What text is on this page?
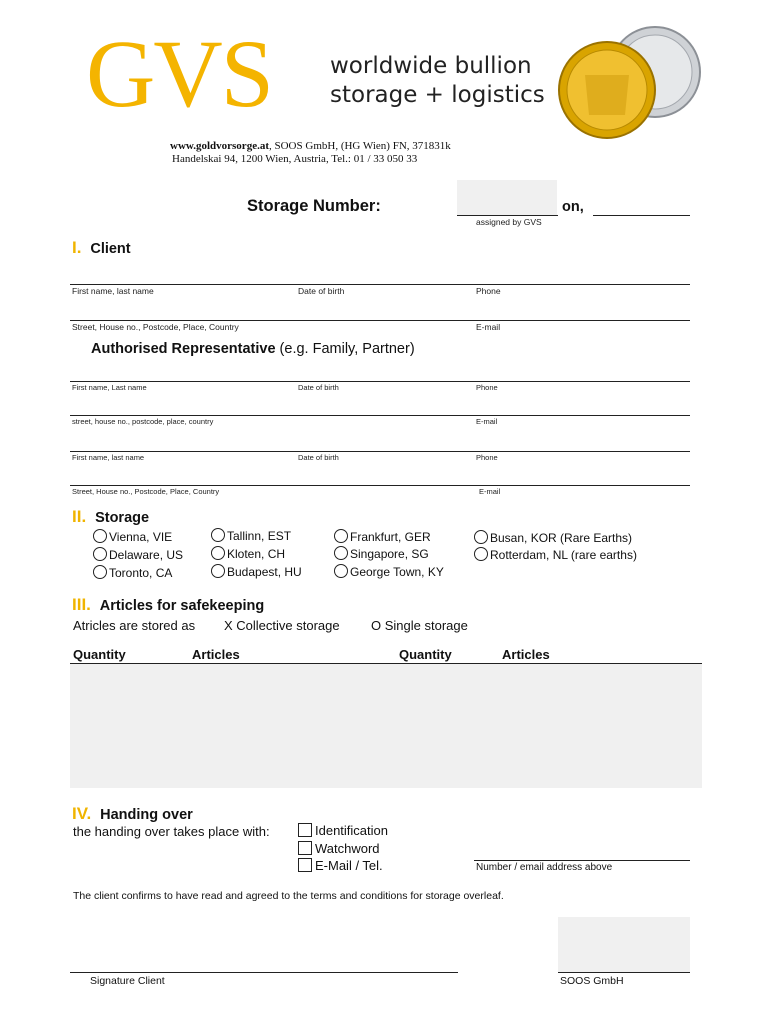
GVS	worldwide bullion
storage + logistics
www.goldvorsorge.at, SOOS GmbH, (HG Wien) FN, 371831k
Handelskai 94, 1200 Wien, Austria, Tel.: 01 / 33 050 33
Storage Number:	on,
assigned by GVS
I. Client
First name, last name	Date of birth	Phone
Street, House no., Postcode, Place, Country	E-mail
Authorised Representative (e.g. Family, Partner)
First name, Last name	Date of birth	Phone
street, house no., postcode, place, country	E-mail
First name, last name	Date of birth	Phone
Street, House no., Postcode, Place, Country	E-mail
II. Storage
Vienna, VIE
Delaware, US
Toronto, CA
Tallinn, EST
Kloten, CH
Budapest, HU
Frankfurt, GER
Singapore, SG
George Town, KY
Busan, KOR (Rare Earths)
Rotterdam, NL (rare earths)
III. Articles for safekeeping
Atricles are stored as X Collective storage O Single storage
Quantity	Articles	Quantity	Articles
IV. Handing over
the handing over takes place with:	Identification
Watchword
E-Mail / Tel.	Number / email address above
The client confirms to have read and agreed to the terms and conditions for storage overleaf.
Signature Client	SOOS GmbH
